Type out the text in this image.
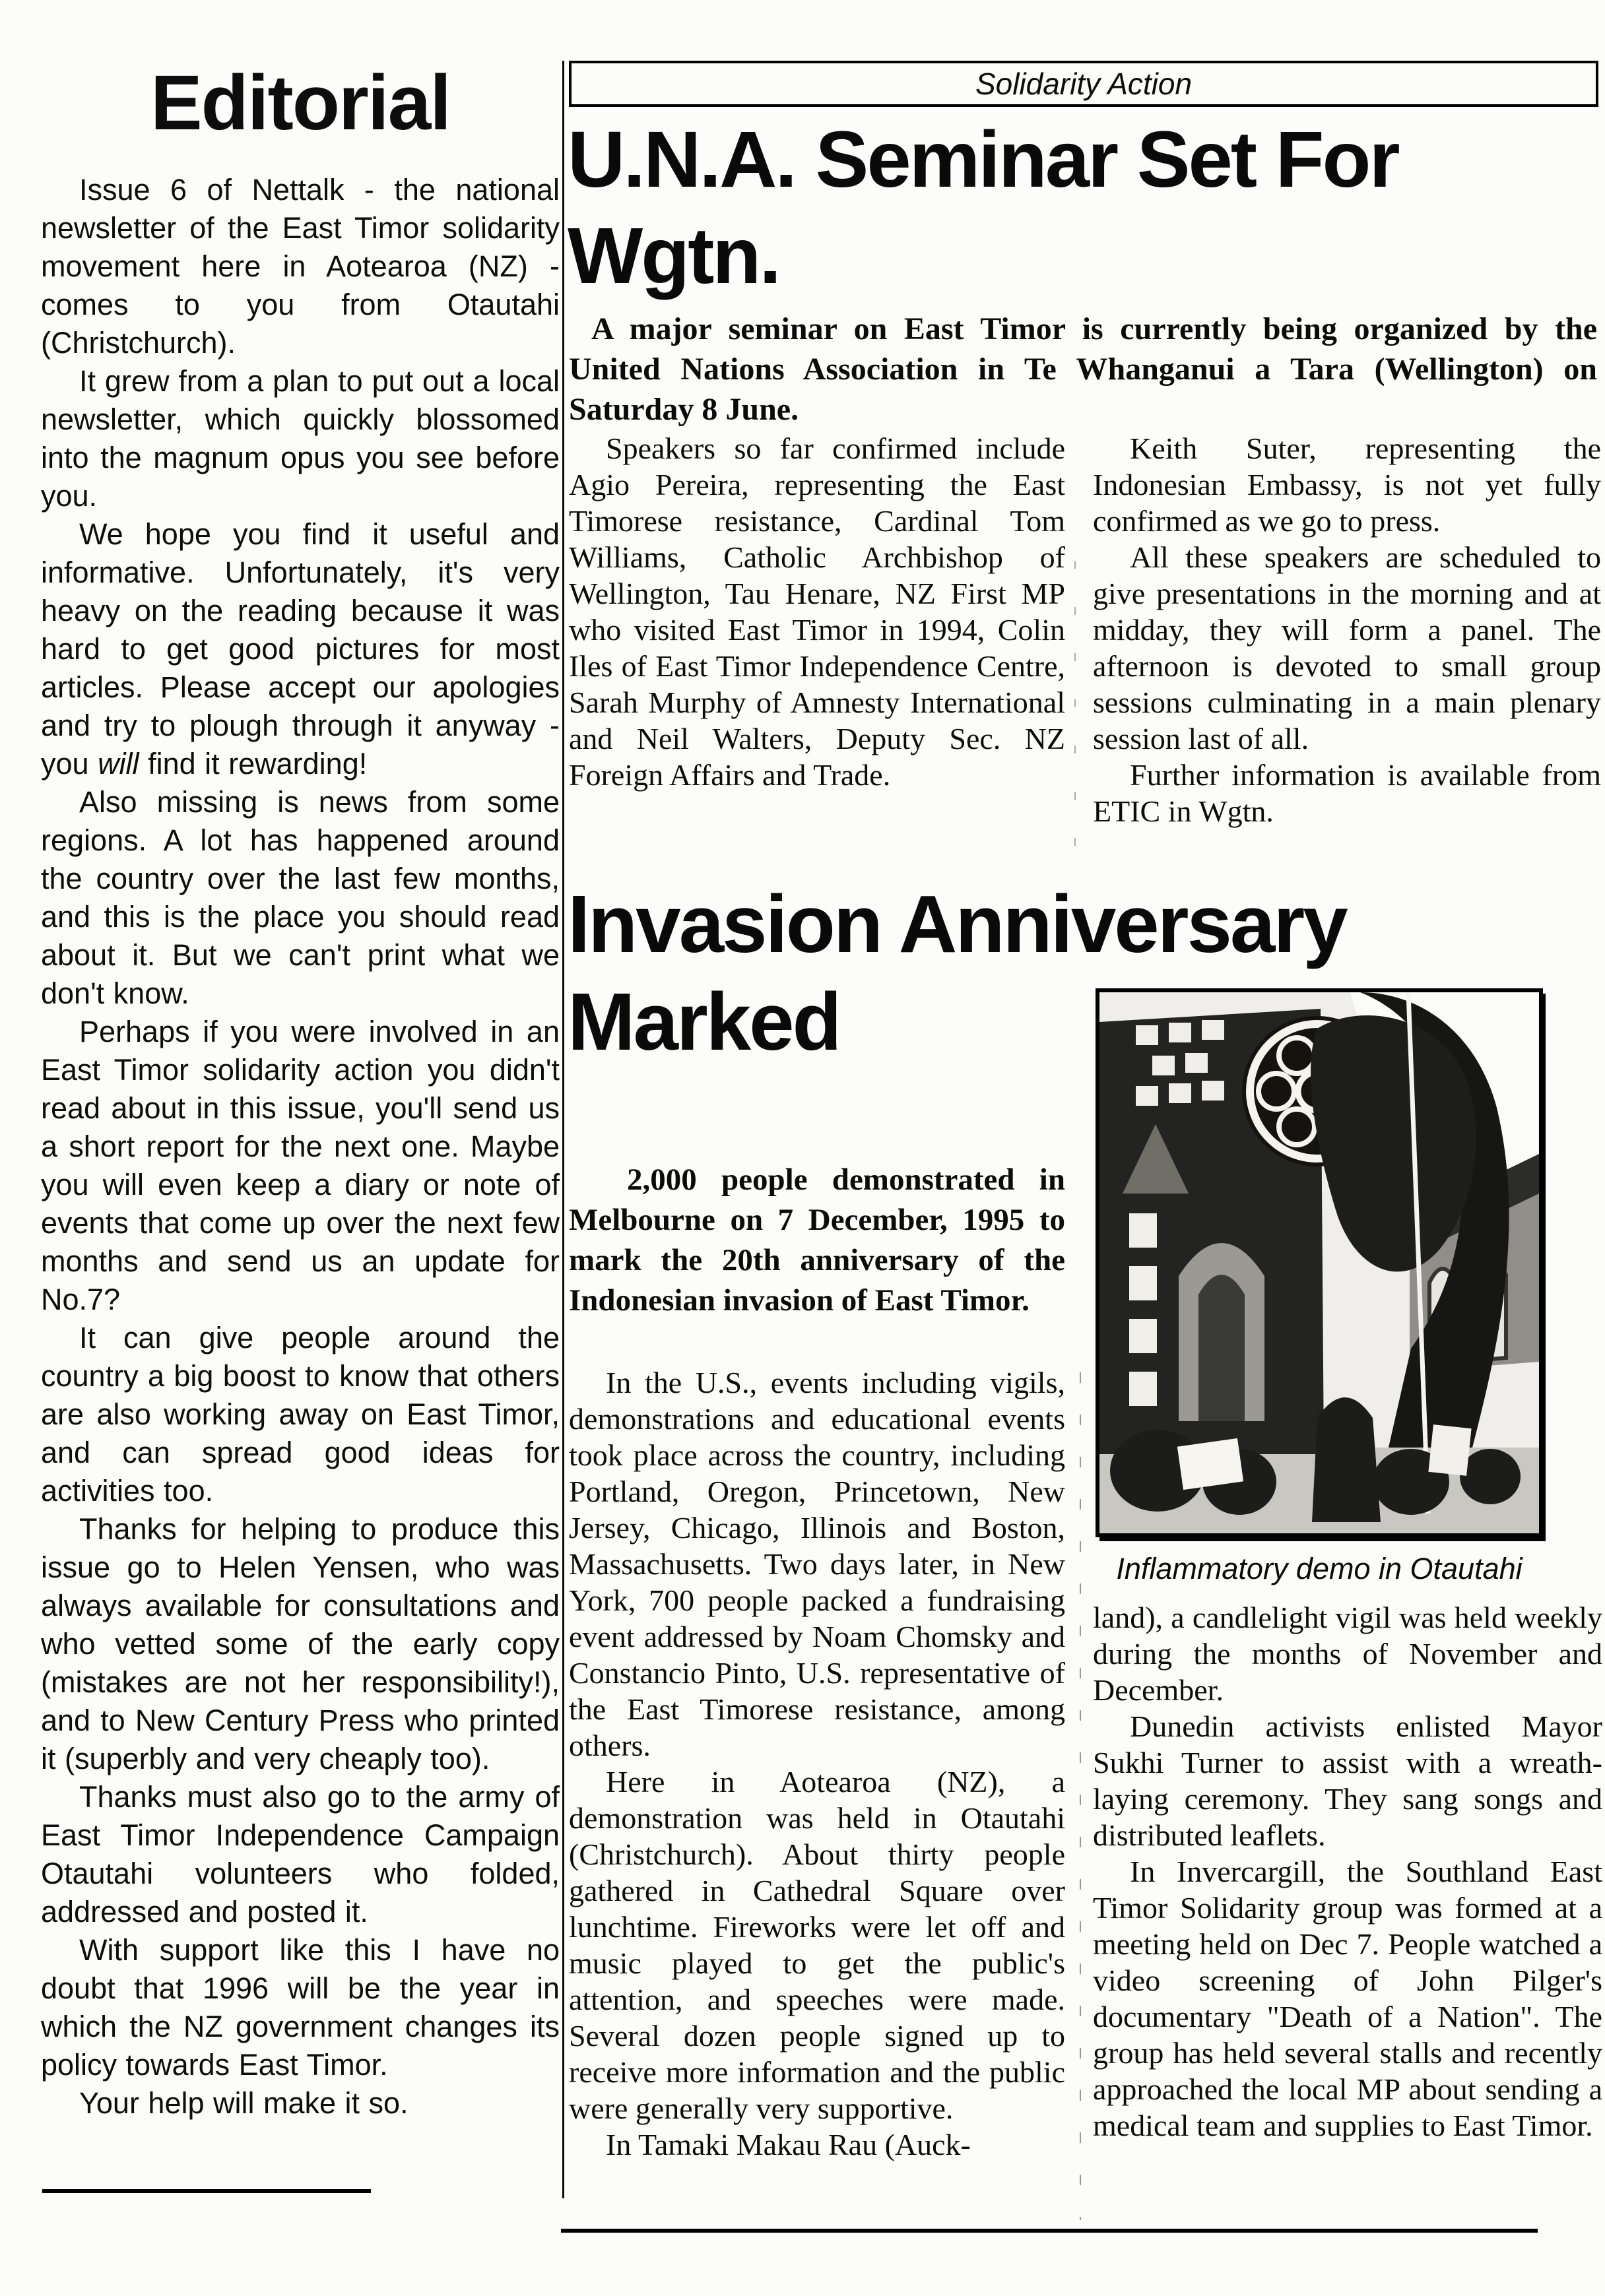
Editorial

Issue 6 of Nettalk - the national newsletter of the East Timor solidarity movement here in Aotearoa (NZ) - comes to you from Otautahi (Christchurch).

It grew from a plan to put out a local newsletter, which quickly blossomed into the magnum opus you see before you.

We hope you find it useful and informative. Unfortunately, it's very heavy on the reading because it was hard to get good pictures for most articles. Please accept our apologies and try to plough through it anyway - you will find it rewarding!

Also missing is news from some regions. A lot has happened around the country over the last few months, and this is the place you should read about it. But we can't print what we don't know.

Perhaps if you were involved in an East Timor solidarity action you didn't read about in this issue, you'll send us a short report for the next one. Maybe you will even keep a diary or note of events that come up over the next few months and send us an update for No.7?

It can give people around the country a big boost to know that others are also working away on East Timor, and can spread good ideas for activities too.

Thanks for helping to produce this issue go to Helen Yensen, who was always available for consultations and who vetted some of the early copy (mistakes are not her responsibility!), and to New Century Press who printed it (superbly and very cheaply too).

Thanks must also go to the army of East Timor Independence Campaign Otautahi volunteers who folded, addressed and posted it.

With support like this I have no doubt that 1996 will be the year in which the NZ government changes its policy towards East Timor.

Your help will make it so.

Solidarity Action
U.N.A. Seminar Set For Wgtn.
A major seminar on East Timor is currently being organized by the United Nations Association in Te Whanganui a Tara (Wellington) on Saturday 8 June.

Speakers so far confirmed include Agio Pereira, representing the East Timorese resistance, Cardinal Tom Williams, Catholic Archbishop of Wellington, Tau Henare, NZ First MP who visited East Timor in 1994, Colin Iles of East Timor Independence Centre, Sarah Murphy of Amnesty International and Neil Walters, Deputy Sec. NZ Foreign Affairs and Trade.

Keith Suter, representing the Indonesian Embassy, is not yet fully confirmed as we go to press.

All these speakers are scheduled to give presentations in the morning and at midday, they will form a panel. The afternoon is devoted to small group sessions culminating in a main plenary session last of all.

Further information is available from ETIC in Wgtn.

Invasion Anniversary Marked
2,000 people demonstrated in Melbourne on 7 December, 1995 to mark the 20th anniversary of the Indonesian invasion of East Timor.

In the U.S., events including vigils, demonstrations and educational events took place across the country, including Portland, Oregon, Princetown, New Jersey, Chicago, Illinois and Boston, Massachusetts. Two days later, in New York, 700 people packed a fundraising event addressed by Noam Chomsky and Constancio Pinto, U.S. representative of the East Timorese resistance, among others.

Here in Aotearoa (NZ), a demonstration was held in Otautahi (Christchurch). About thirty people gathered in Cathedral Square over lunchtime. Fireworks were let off and music played to get the public's attention, and speeches were made. Several dozen people signed up to receive more information and the public were generally very supportive.

In Tamaki Makau Rau (Auck-

land), a candlelight vigil was held weekly during the months of November and December.

Dunedin activists enlisted Mayor Sukhi Turner to assist with a wreath-laying ceremony. They sang songs and distributed leaflets.

In Invercargill, the Southland East Timor Solidarity group was formed at a meeting held on Dec 7. People watched a video screening of John Pilger's documentary "Death of a Nation". The group has held several stalls and recently approached the local MP about sending a medical team and supplies to East Timor.

Inflammatory demo in Otautahi
